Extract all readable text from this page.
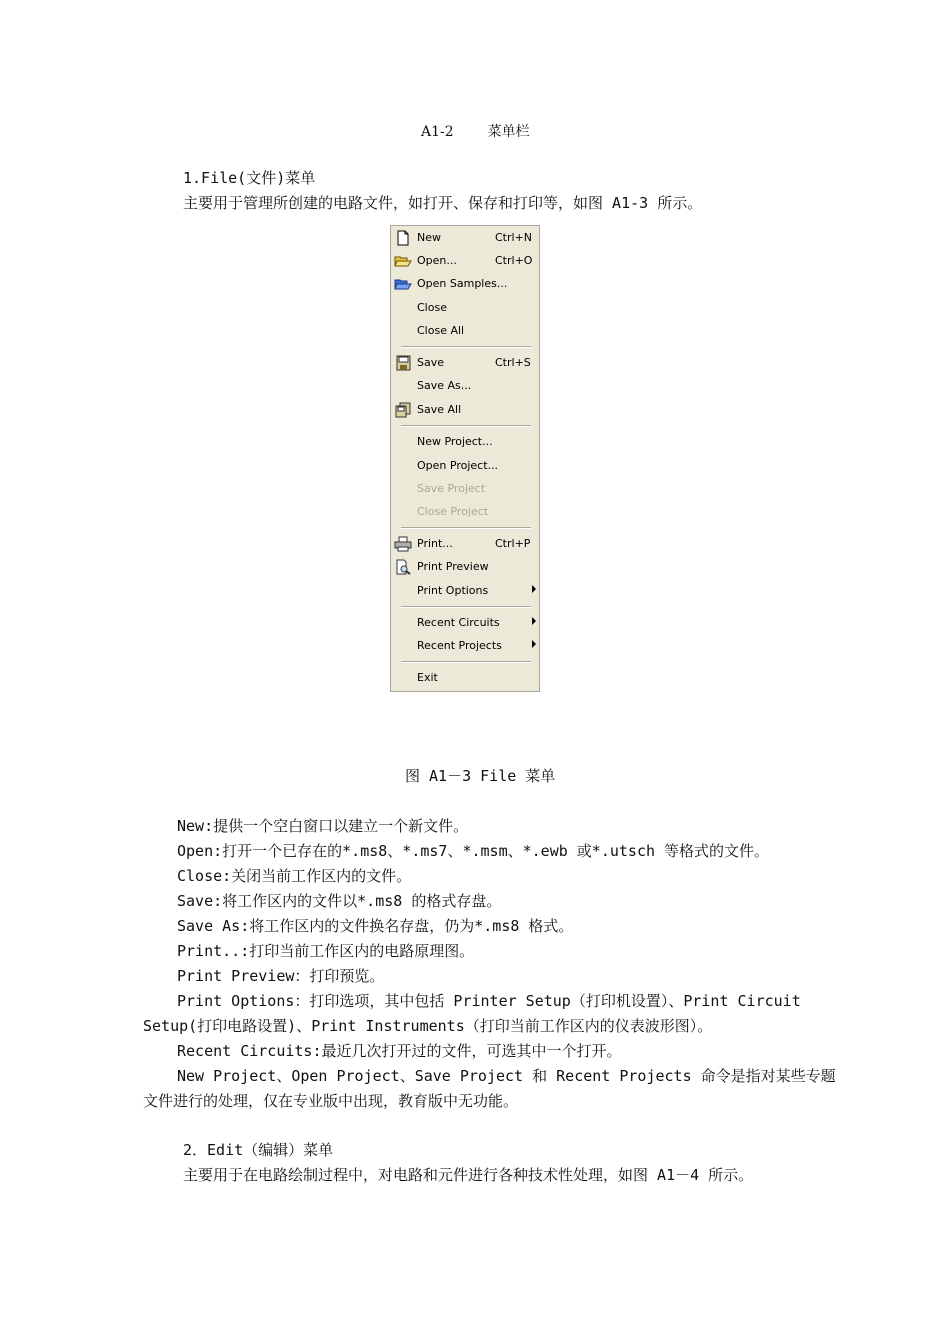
A1-2 菜单栏
1.File(文件)菜单
主要用于管理所创建的电路文件，如打开、保存和打印等，如图 A1-3 所示。
New	Ctrl+N
Open...	Ctrl+O
Open Samples...
Close
Close All
Save	Ctrl+S
Save As...
Save All
New Project...
Open Project...
Save Project
Close Project
Print...	Ctrl+P
Print Preview
Print Options
Recent Circuits
Recent Projects
Exit
图 A1－3 File 菜单
New:提供一个空白窗口以建立一个新文件。
Open:打开一个已存在的*.ms8、*.ms7、*.msm、*.ewb 或*.utsch 等格式的文件。
Close:关闭当前工作区内的文件。
Save:将工作区内的文件以*.ms8 的格式存盘。
Save As:将工作区内的文件换名存盘，仍为*.ms8 格式。
Print..:打印当前工作区内的电路原理图。
Print Preview：打印预览。
Print Options：打印选项，其中包括 Printer Setup（打印机设置）、Print Circuit
Setup(打印电路设置)、Print Instruments（打印当前工作区内的仪表波形图）。
Recent Circuits:最近几次打开过的文件，可选其中一个打开。
New Project、Open Project、Save Project 和 Recent Projects 命令是指对某些专题
文件进行的处理，仅在专业版中出现，教育版中无功能。
2．Edit（编辑）菜单
主要用于在电路绘制过程中，对电路和元件进行各种技术性处理，如图 A1－4 所示。
